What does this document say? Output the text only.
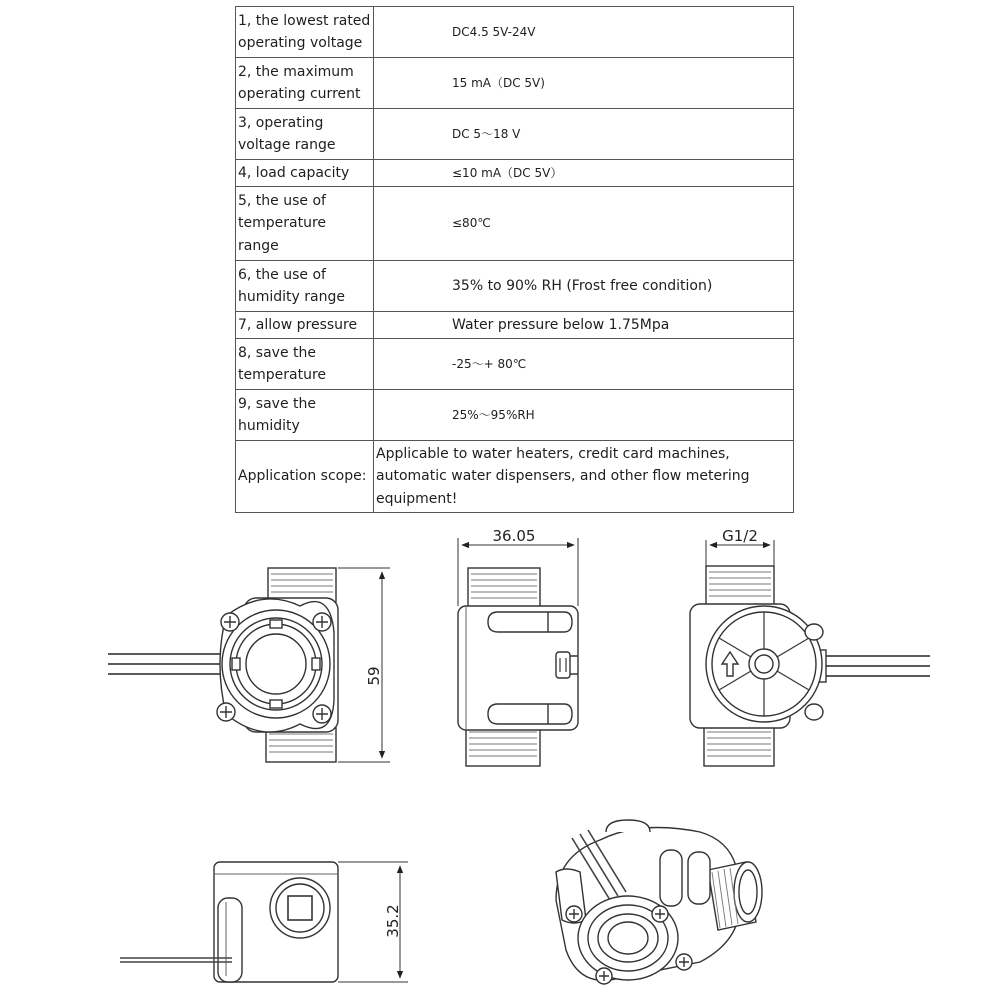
1, the lowest rated operating voltage	DC4.5 5V-24V
2, the maximum operating current	15 mA（DC 5V)
3, operating voltage range	DC 5～18 V
4, load capacity	≤10 mA（DC 5V）
5, the use of temperature range	≤80℃
6, the use of humidity range	35% to 90% RH (Frost free condition)
7, allow pressure	Water pressure below 1.75Mpa
8, save the temperature	-25～+ 80℃
9, save the humidity	25%～95%RH
Application scope:	Applicable to water heaters, credit card machines, automatic water dispensers, and other flow metering equipment!
59
36.05	G1/2
35.2
